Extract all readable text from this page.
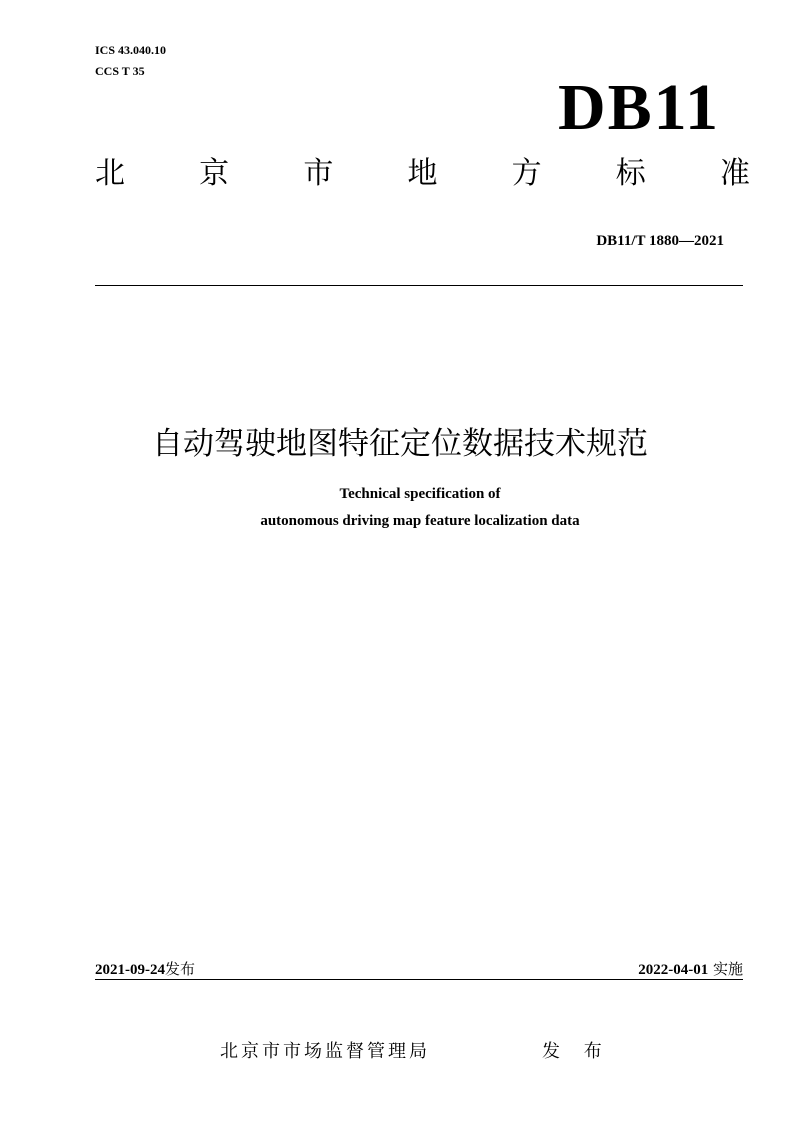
ICS 43.040.10
CCS T 35	DB11
北 京 市 地 方 标 准
DB11/T 1880—2021
自动驾驶地图特征定位数据技术规范
Technical specification of
autonomous driving map feature localization data
2021-09-24发布	2022-04-01 实施
北京市市场监督管理局	发 布
